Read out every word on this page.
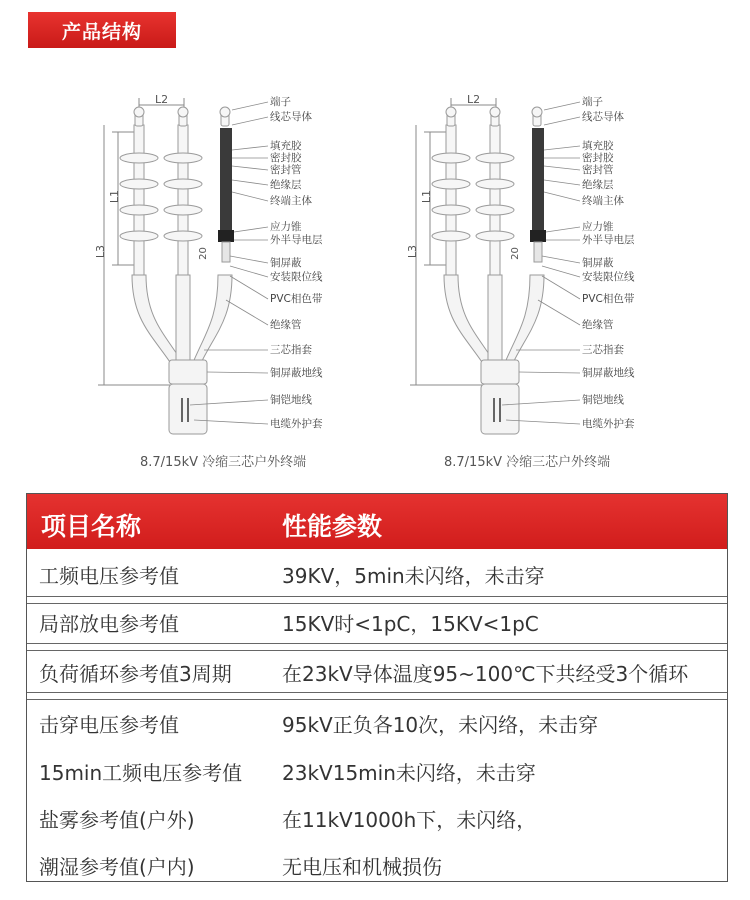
产品结构
L2
L1
L3	20
端子
线芯导体
填充胶
密封胶
密封管
绝缘层
终端主体
应力锥
外半导电层
铜屏蔽
安装限位线
PVC相色带
绝缘管
三芯指套
铜屏蔽地线
铜铠地线
电缆外护套
8.7/15kV 冷缩三芯户外终端
L2
L1
L3	20
端子
线芯导体
填充胶
密封胶
密封管
绝缘层
终端主体
应力锥
外半导电层
铜屏蔽
安装限位线
PVC相色带
绝缘管
三芯指套
铜屏蔽地线
铜铠地线
电缆外护套
8.7/15kV 冷缩三芯户外终端
项目名称	性能参数
工频电压参考值	39KV，5min未闪络，未击穿
局部放电参考值	15KV时<1pC，15KV<1pC
负荷循环参考值3周期	在23kV导体温度95~100℃下共经受3个循环
击穿电压参考值	95kV正负各10次，未闪络，未击穿
15min工频电压参考值 23kV15min未闪络，未击穿
盐雾参考值(户外)	在11kV1000h下，未闪络，
潮湿参考值(户内)	无电压和机械损伤
